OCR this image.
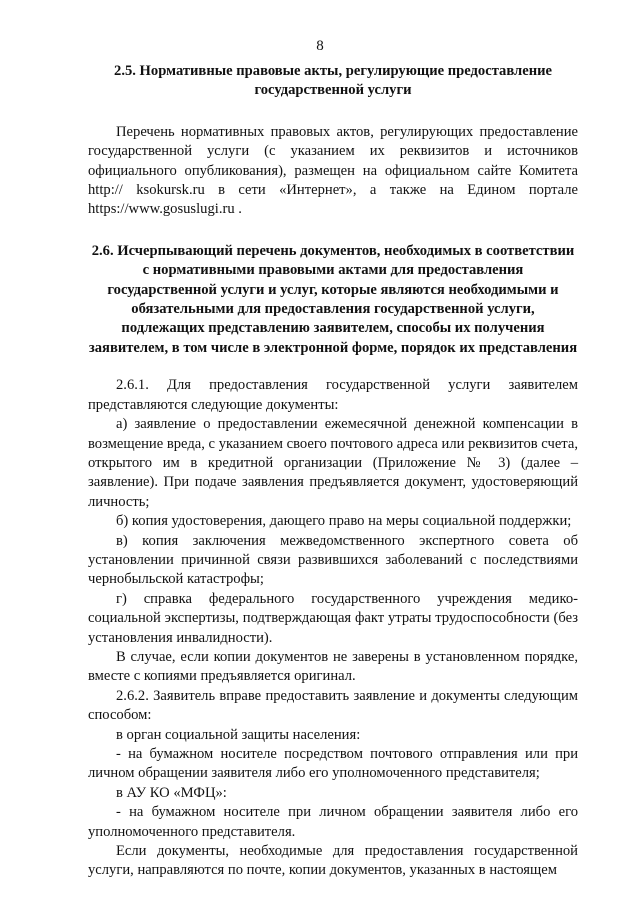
8

2.5. Нормативные правовые акты, регулирующие предоставление государственной услуги

Перечень нормативных правовых актов, регулирующих предоставление государственной услуги (с указанием их реквизитов и источников официального опубликования), размещен на официальном сайте Комитета http:// ksokursk.ru в сети «Интернет», а также на Едином портале https://www.gosuslugi.ru .

2.6. Исчерпывающий перечень документов, необходимых в соответствии с нормативными правовыми актами для предоставления государственной услуги и услуг, которые являются необходимыми и обязательными для предоставления государственной услуги, подлежащих представлению заявителем, способы их получения заявителем, в том числе в электронной форме, порядок их представления

2.6.1. Для предоставления государственной услуги заявителем представляются следующие документы:

а) заявление о предоставлении ежемесячной денежной компенсации в возмещение вреда, с указанием своего почтового адреса или реквизитов счета, открытого им в кредитной организации (Приложение № 3) (далее – заявление). При подаче заявления предъявляется документ, удостоверяющий личность;

б) копия удостоверения, дающего право на меры социальной поддержки;

в) копия заключения межведомственного экспертного совета об установлении причинной связи развившихся заболеваний с последствиями чернобыльской катастрофы;

г) справка федерального государственного учреждения медико-социальной экспертизы, подтверждающая факт утраты трудоспособности (без установления инвалидности).

В случае, если копии документов не заверены в установленном порядке, вместе с копиями предъявляется оригинал.

2.6.2. Заявитель вправе предоставить заявление и документы следующим способом:

в орган социальной защиты населения:

- на бумажном носителе посредством почтового отправления или при личном обращении заявителя либо его уполномоченного представителя;

в АУ КО «МФЦ»:

- на бумажном носителе при личном обращении заявителя либо его уполномоченного представителя.

Если документы, необходимые для предоставления государственной услуги, направляются по почте, копии документов, указанных в настоящем
